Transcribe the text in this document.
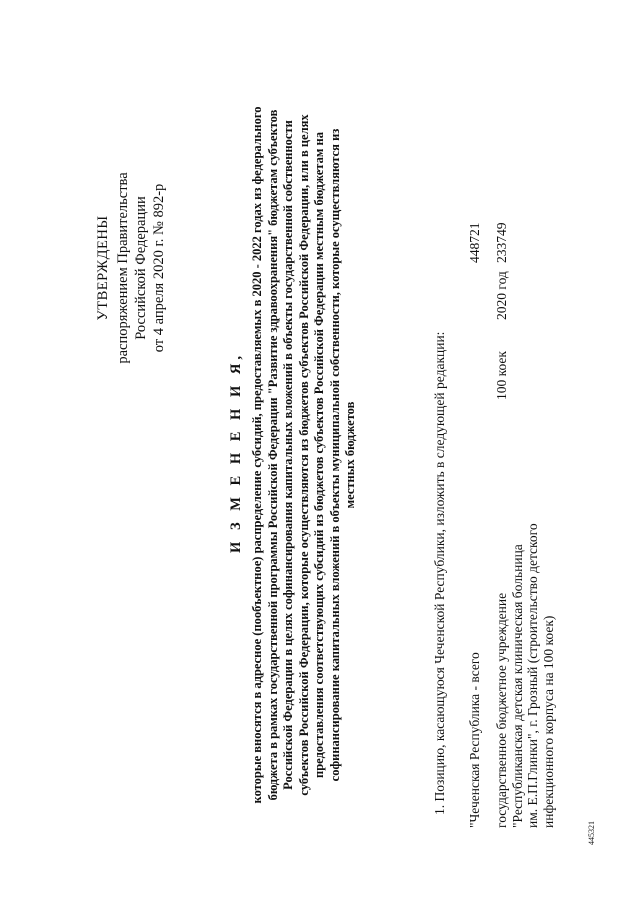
УТВЕРЖДЕНЫ распоряжением Правительства Российской Федерации от 4 апреля 2020 г. № 892-р
И З М Е Н Е Н И Я, которые вносятся в адресное (пообъектное) распределение субсидий, предоставляемых в 2020 - 2022 годах из федерального бюджета в рамках государственной программы Российской Федерации "Развитие здравоохранения" бюджетам субъектов Российской Федерации в целях софинансирования капитальных вложений в объекты государственной собственности субъектов Российской Федерации, которые осуществляются из бюджетов субъектов Российской Федерации, или в целях предоставления соответствующих субсидий из бюджетов субъектов Российской Федерации местным бюджетам на софинансирование капитальных вложений в объекты муниципальной собственности, которые осуществляются из местных бюджетов	1. Позицию, касающуюся Чеченской Республики, изложить в следующей редакции: "Чеченская Республика - всего
448721
государственное бюджетное учреждение "Республиканская детская клиническая больница им. Е.П.Глинки", г. Грозный (строительство детского инфекционного корпуса на 100 коек)
100 коек
2020 год
233749
445321
